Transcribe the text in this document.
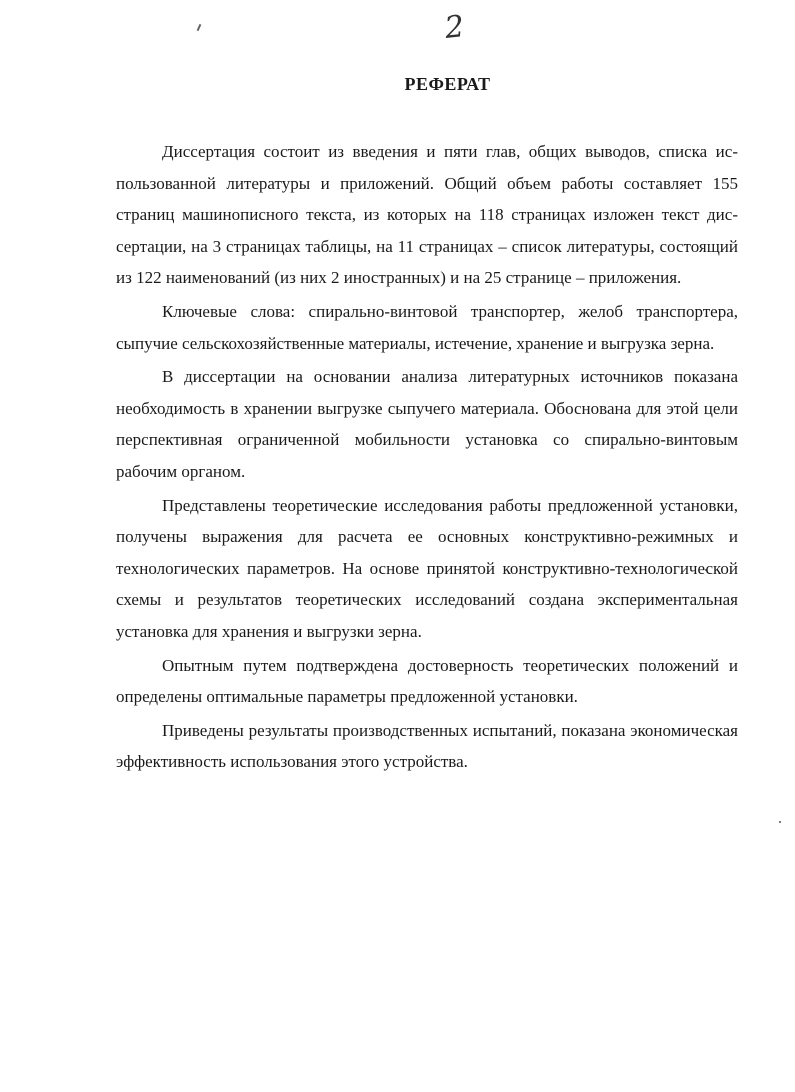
2
РЕФЕРАТ

Диссертация состоит из введения и пяти глав, общих выводов, списка использованной литературы и приложений. Общий объем работы составляет 155 страниц машинописного текста, из которых на 118 страницах изложен текст диссертации, на 3 страницах таблицы, на 11 страницах – список литературы, состоящий из 122 наименований (из них 2 иностранных) и на 25 странице – приложения.

Ключевые слова: спирально-винтовой транспортер, желоб транспортера, сыпучие сельскохозяйственные материалы, истечение, хранение и выгрузка зерна.

В диссертации на основании анализа литературных источников показана необходимость в хранении выгрузке сыпучего материала. Обоснована для этой цели перспективная ограниченной мобильности установка со спирально-винтовым рабочим органом.

Представлены теоретические исследования работы предложенной установки, получены выражения для расчета ее основных конструктивно-режимных и технологических параметров. На основе принятой конструктивно-технологической схемы и результатов теоретических исследований создана экспериментальная установка для хранения и выгрузки зерна.

Опытным путем подтверждена достоверность теоретических положений и определены оптимальные параметры предложенной установки.

Приведены результаты производственных испытаний, показана экономическая эффективность использования этого устройства.
